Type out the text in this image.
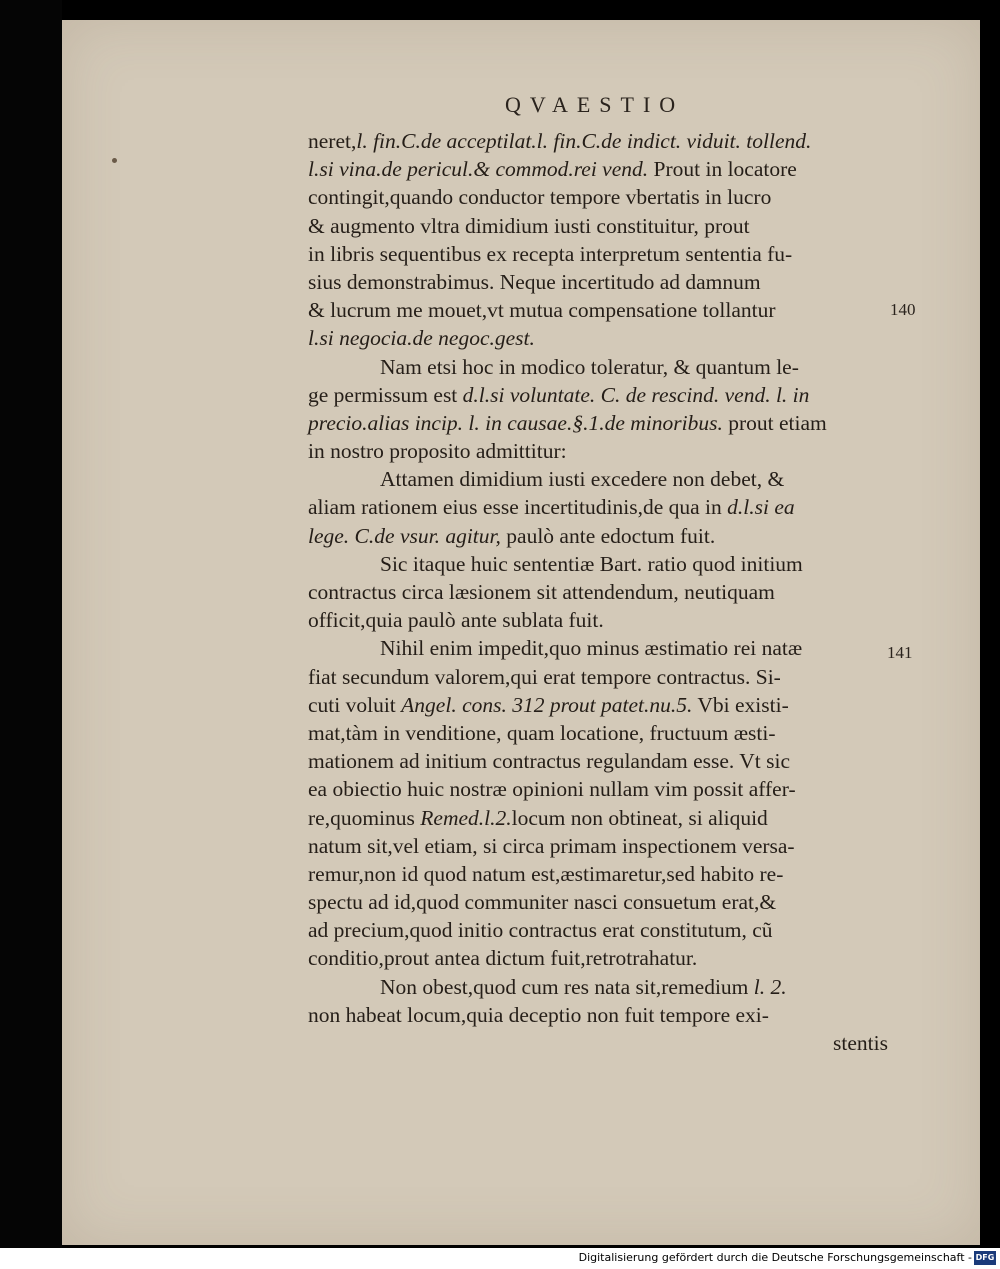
QVAESTIO
neret,l. fin.C.de acceptilat.l. fin.C.de indict. viduit. tollend.
l.si vina.de pericul.& commod.rei vend. Prout in locatore
contingit,quando conductor tempore vbertatis in lucro
& augmento vltra dimidium iusti constituitur, prout
in libris sequentibus ex recepta interpretum sententia fu-
sius demonstrabimus. Neque incertitudo ad damnum
& lucrum me mouet,vt mutua compensatione tollantur
l.si negocia.de negoc.gest.
Nam etsi hoc in modico toleratur, & quantum le-
ge permissum est d.l.si voluntate. C. de rescind. vend. l. in
precio.alias incip. l. in causae.§.1.de minoribus. prout etiam
in nostro proposito admittitur:
Attamen dimidium iusti excedere non debet, &
aliam rationem eius esse incertitudinis,de qua in d.l.si ea
lege. C.de vsur. agitur, paulò ante edoctum fuit.
Sic itaque huic sententiæ Bart. ratio quod initium
contractus circa læsionem sit attendendum, neutiquam
officit,quia paulò ante sublata fuit.
Nihil enim impedit,quo minus æstimatio rei natæ
fiat secundum valorem,qui erat tempore contractus. Si-
cuti voluit Angel. cons. 312 prout patet.nu.5. Vbi existi-
mat,tàm in venditione, quam locatione, fructuum æsti-
mationem ad initium contractus regulandam esse. Vt sic
ea obiectio huic nostræ opinioni nullam vim possit affer-
re,quominus Remed.l.2.locum non obtineat, si aliquid
natum sit,vel etiam, si circa primam inspectionem versa-
remur,non id quod natum est,æstimaretur,sed habito re-
spectu ad id,quod communiter nasci consuetum erat,&
ad precium,quod initio contractus erat constitutum, cũ
conditio,prout antea dictum fuit,retrotrahatur.
Non obest,quod cum res nata sit,remedium l. 2.
non habeat locum,quia deceptio non fuit tempore exi-
stentis
140
141
Digitalisierung gefördert durch die Deutsche Forschungsgemeinschaft - DFG
